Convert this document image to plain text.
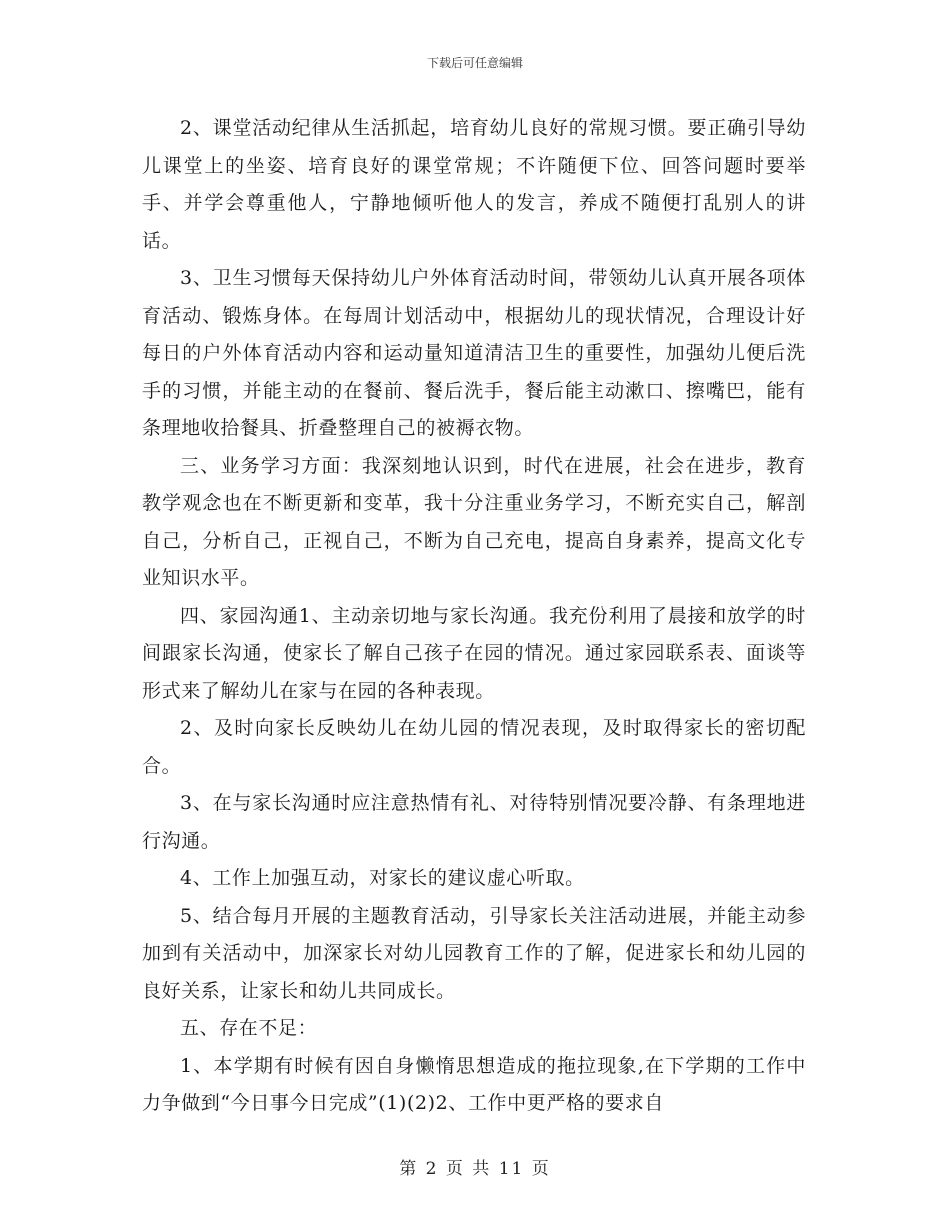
下载后可任意编辑

2、课堂活动纪律从生活抓起，培育幼儿良好的常规习惯。要正确引导幼儿课堂上的坐姿、培育良好的课堂常规；不许随便下位、回答问题时要举手、并学会尊重他人，宁静地倾听他人的发言，养成不随便打乱别人的讲话。

3、卫生习惯每天保持幼儿户外体育活动时间，带领幼儿认真开展各项体育活动、锻炼身体。在每周计划活动中，根据幼儿的现状情况，合理设计好每日的户外体育活动内容和运动量知道清洁卫生的重要性，加强幼儿便后洗手的习惯，并能主动的在餐前、餐后洗手，餐后能主动漱口、擦嘴巴，能有条理地收拾餐具、折叠整理自己的被褥衣物。

三、业务学习方面：我深刻地认识到，时代在进展，社会在进步，教育教学观念也在不断更新和变革，我十分注重业务学习，不断充实自己，解剖自己，分析自己，正视自己，不断为自己充电，提高自身素养，提高文化专业知识水平。

四、家园沟通1、主动亲切地与家长沟通。我充份利用了晨接和放学的时间跟家长沟通，使家长了解自己孩子在园的情况。通过家园联系表、面谈等形式来了解幼儿在家与在园的各种表现。

2、及时向家长反映幼儿在幼儿园的情况表现，及时取得家长的密切配合。

3、在与家长沟通时应注意热情有礼、对待特别情况要冷静、有条理地进行沟通。

4、工作上加强互动，对家长的建议虚心听取。

5、结合每月开展的主题教育活动，引导家长关注活动进展，并能主动参加到有关活动中，加深家长对幼儿园教育工作的了解，促进家长和幼儿园的良好关系，让家长和幼儿共同成长。

五、存在不足：

1、本学期有时候有因自身懒惰思想造成的拖拉现象,在下学期的工作中力争做到“今日事今日完成”(1)(2)2、工作中更严格的要求自

第 2 页 共 11 页
